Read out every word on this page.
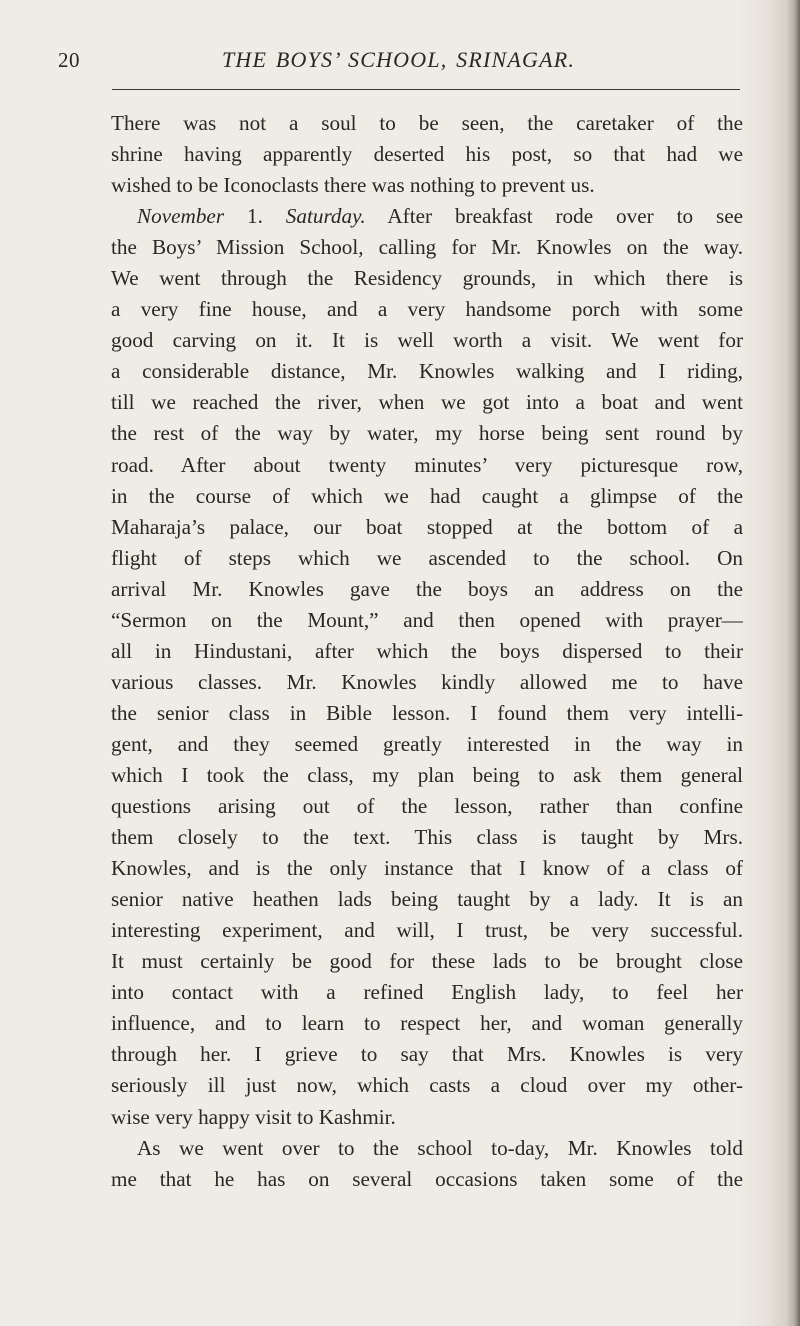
20	THE BOYS’ SCHOOL, SRINAGAR.
There was not a soul to be seen, the caretaker of the
shrine having apparently deserted his post, so that had we
wished to be Iconoclasts there was nothing to prevent us.
November 1. Saturday. After breakfast rode over to see
the Boys’ Mission School, calling for Mr. Knowles on the way.
We went through the Residency grounds, in which there is
a very fine house, and a very handsome porch with some
good carving on it. It is well worth a visit. We went for
a considerable distance, Mr. Knowles walking and I riding,
till we reached the river, when we got into a boat and went
the rest of the way by water, my horse being sent round by
road. After about twenty minutes’ very picturesque row,
in the course of which we had caught a glimpse of the
Maharaja’s palace, our boat stopped at the bottom of a
flight of steps which we ascended to the school. On
arrival Mr. Knowles gave the boys an address on the
“Sermon on the Mount,” and then opened with prayer—
all in Hindustani, after which the boys dispersed to their
various classes. Mr. Knowles kindly allowed me to have
the senior class in Bible lesson. I found them very intelli-
gent, and they seemed greatly interested in the way in
which I took the class, my plan being to ask them general
questions arising out of the lesson, rather than confine
them closely to the text. This class is taught by Mrs.
Knowles, and is the only instance that I know of a class of
senior native heathen lads being taught by a lady. It is an
interesting experiment, and will, I trust, be very successful.
It must certainly be good for these lads to be brought close
into contact with a refined English lady, to feel her
influence, and to learn to respect her, and woman generally
through her. I grieve to say that Mrs. Knowles is very
seriously ill just now, which casts a cloud over my other-
wise very happy visit to Kashmir.
As we went over to the school to-day, Mr. Knowles told
me that he has on several occasions taken some of the
